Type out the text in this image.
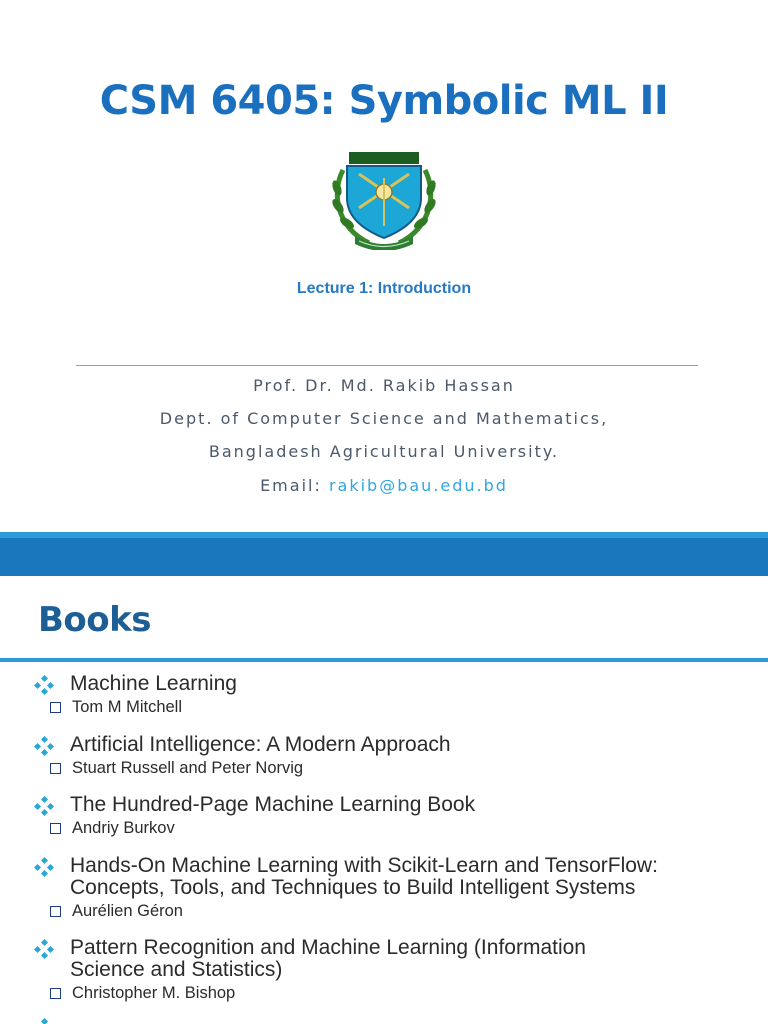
CSM 6405: Symbolic ML II
Lecture 1: Introduction
Prof. Dr. Md. Rakib Hassan
Dept. of Computer Science and Mathematics,
Bangladesh Agricultural University.
Email: rakib@bau.edu.bd
Books
Machine Learning
Tom M Mitchell
Artificial Intelligence: A Modern Approach
Stuart Russell and Peter Norvig
The Hundred-Page Machine Learning Book
Andriy Burkov
Hands-On Machine Learning with Scikit-Learn and TensorFlow:
Concepts, Tools, and Techniques to Build Intelligent Systems
Aurélien Géron
Pattern Recognition and Machine Learning (Information
Science and Statistics)
Christopher M. Bishop
